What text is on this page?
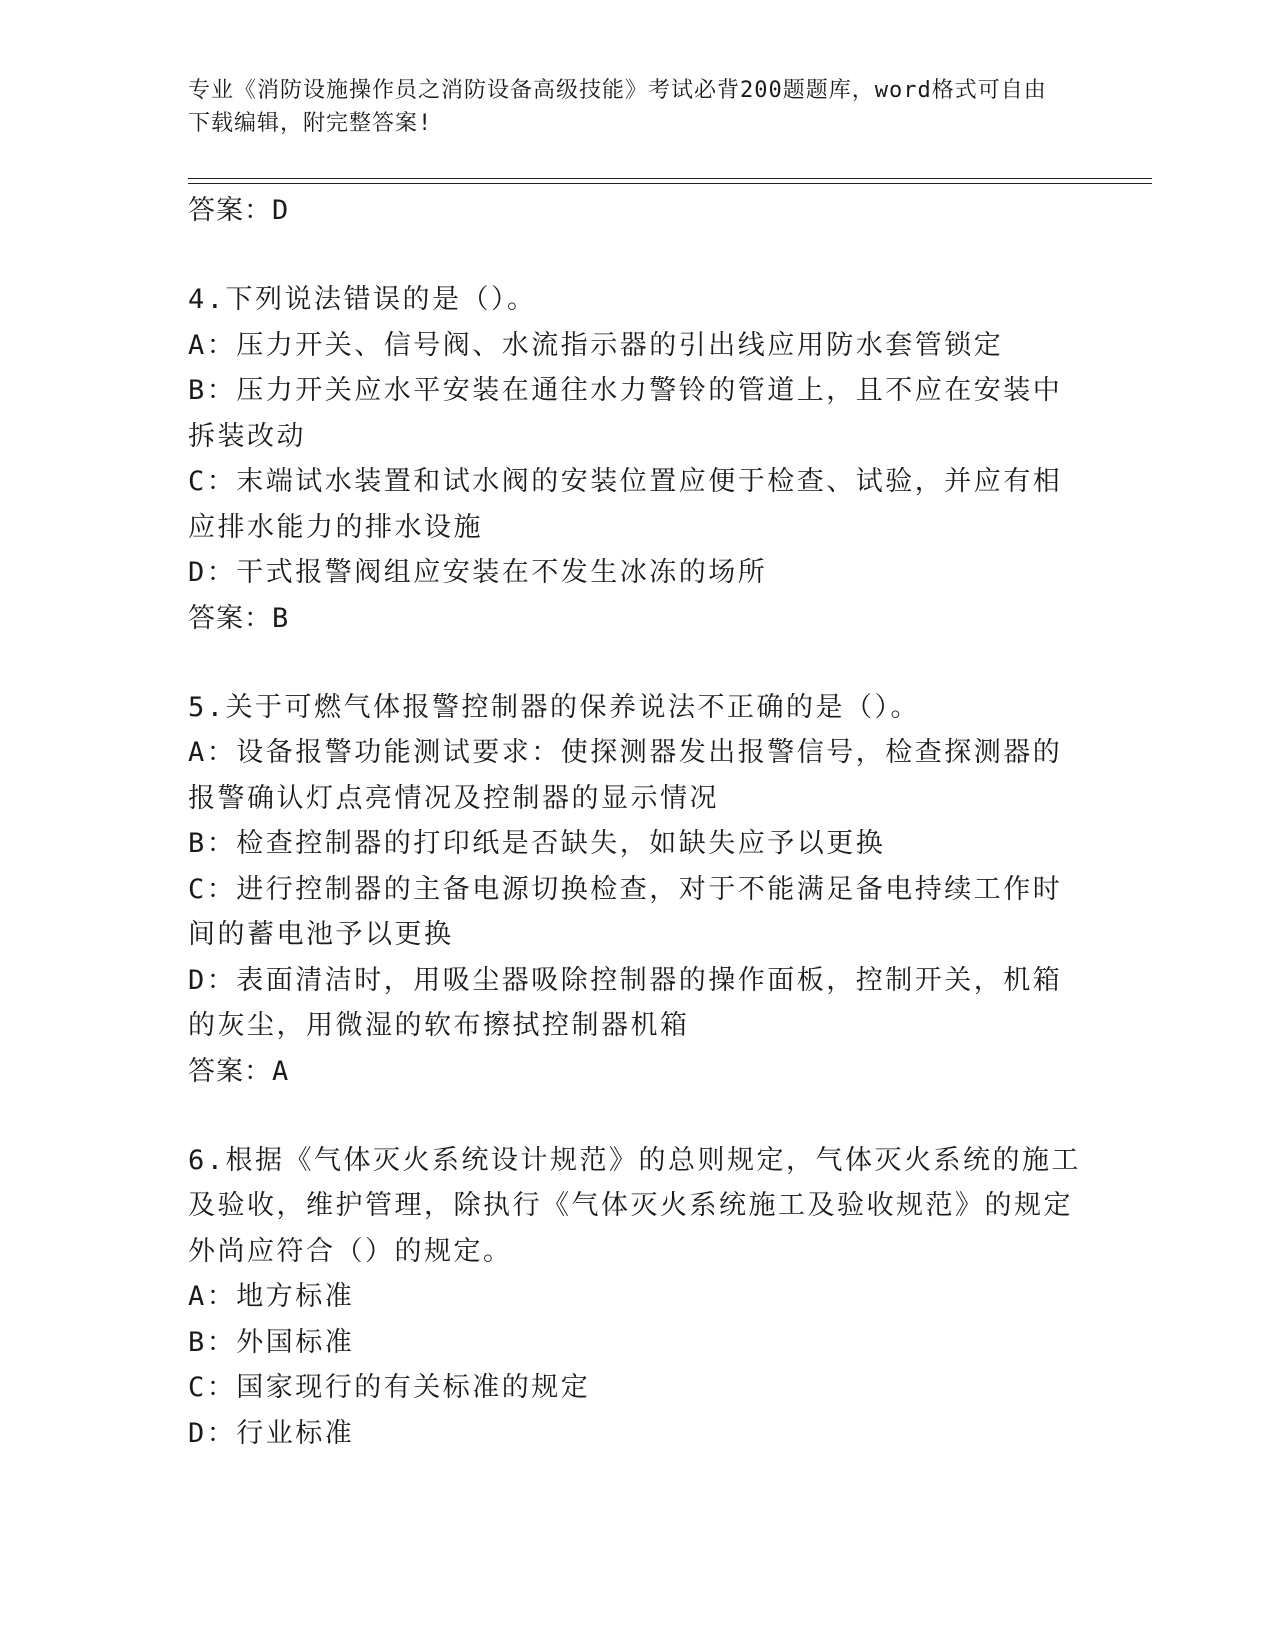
专业《消防设施操作员之消防设备高级技能》考试必背200题题库，word格式可自由下载编辑，附完整答案!
答案：D
4.下列说法错误的是（）。
A：压力开关、信号阀、水流指示器的引出线应用防水套管锁定
B：压力开关应水平安装在通往水力警铃的管道上，且不应在安装中拆装改动
C：末端试水装置和试水阀的安装位置应便于检查、试验，并应有相应排水能力的排水设施
D：干式报警阀组应安装在不发生冰冻的场所
答案：B
5.关于可燃气体报警控制器的保养说法不正确的是（）。
A：设备报警功能测试要求：使探测器发出报警信号，检查探测器的报警确认灯点亮情况及控制器的显示情况
B：检查控制器的打印纸是否缺失，如缺失应予以更换
C：进行控制器的主备电源切换检查，对于不能满足备电持续工作时间的蓄电池予以更换
D：表面清洁时，用吸尘器吸除控制器的操作面板，控制开关，机箱的灰尘，用微湿的软布擦拭控制器机箱
答案：A
6.根据《气体灭火系统设计规范》的总则规定，气体灭火系统的施工及验收，维护管理，除执行《气体灭火系统施工及验收规范》的规定外尚应符合（）的规定。
A：地方标准
B：外国标准
C：国家现行的有关标准的规定
D：行业标准
